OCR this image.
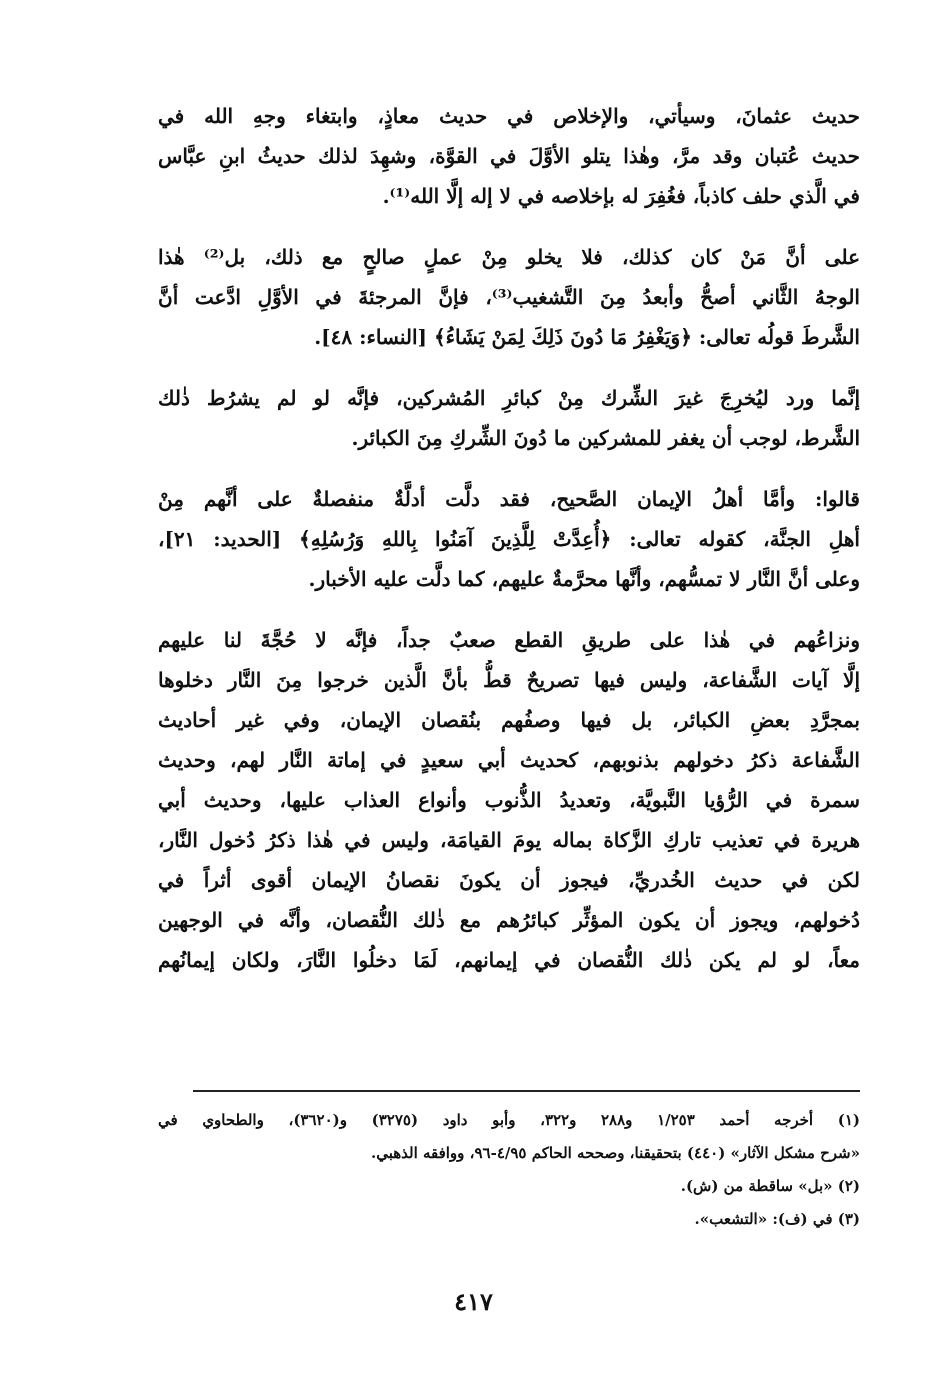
حديث عثمانَ، وسيأتي، والإخلاص في حديث معاذٍ، وابتغاء وجهِ الله في
حديث عُتبان وقد مرَّ، وهٰذا يتلو الأوَّلَ في القوَّة، وشهِدَ لذلك حديثُ ابنِ عبَّاس
في الَّذي حلف كاذباً، فغُفِرَ له بإخلاصه في لا إله إلَّا الله⁽¹⁾.
على أنَّ مَنْ كان كذلك، فلا يخلو مِنْ عملٍ صالحٍ مع ذلك، بل⁽²⁾ هٰذا
الوجهُ الثَّاني أصحُّ وأبعدُ مِنَ التَّشغيب⁽³⁾، فإنَّ المرجئةَ في الأوَّلِ ادَّعت أنَّ
الشَّرطَ قولُه تعالى: ﴿وَيَغْفِرُ مَا دُونَ ذَلِكَ لِمَنْ يَشَاءُ﴾ [النساء: ٤٨].
إنَّما ورد ليُخرِجَ غيرَ الشِّرك مِنْ كبائرِ المُشركين، فإنَّه لو لم يشرُط ذٰلك
الشَّرط، لوجب أن يغفر للمشركين ما دُونَ الشِّركِ مِنَ الكبائر.
قالوا: وأمَّا أهلُ الإيمان الصَّحيح، فقد دلَّت أدلَّةٌ منفصلةٌ على أنَّهم مِنْ
أهلِ الجنَّة، كقوله تعالى: ﴿أُعِدَّتْ لِلَّذِينَ آمَنُوا بِاللهِ وَرُسُلِهِ﴾ [الحديد: ٢١]،
وعلى أنَّ النَّار لا تمسُّهم، وأنَّها محرَّمةٌ عليهم، كما دلَّت عليه الأخبار.
ونزاعُهم في هٰذا على طريقِ القطع صعبٌ جداً، فإنَّه لا حُجَّةَ لنا عليهم
إلَّا آيات الشَّفاعة، وليس فيها تصريحٌ قطُّ بأنَّ الَّذين خرجوا مِنَ النَّار دخلوها
بمجرَّدِ بعضِ الكبائر، بل فيها وصفُهم بنُقصان الإيمان، وفي غير أحاديث
الشَّفاعة ذكرُ دخولهم بذنوبهم، كحديث أبي سعيدٍ في إماتة النَّار لهم، وحديث
سمرة في الرُّؤيا النَّبويَّة، وتعديدُ الذُّنوب وأنواع العذاب عليها، وحديث أبي
هريرة في تعذيب تاركِ الزَّكاة بماله يومَ القيامَة، وليس في هٰذا ذكرُ دُخول النَّار،
لكن في حديث الخُدريِّ، فيجوز أن يكونَ نقصانُ الإيمان أقوى أثراً في
دُخولهم، ويجوز أن يكون المؤثِّر كبائرُهم مع ذٰلك النُّقصان، وأنَّه في الوجهين
معاً، لو لم يكن ذٰلك النُّقصان في إيمانهم، لَمَا دخلُوا النَّارَ، ولكان إيمانُهم
(١) أخرجه أحمد ١/٢٥٣ و٢٨٨ و٣٢٢، وأبو داود (٣٢٧٥) و(٣٦٢٠)، والطحاوي في
«شرح مشكل الآثار» (٤٤٠) بتحقيقنا، وصححه الحاكم ٤/٩٥-٩٦، ووافقه الذهبي.
(٢) «بل» ساقطة من (ش).
(٣) في (ف): «التشعب».
٤١٧
